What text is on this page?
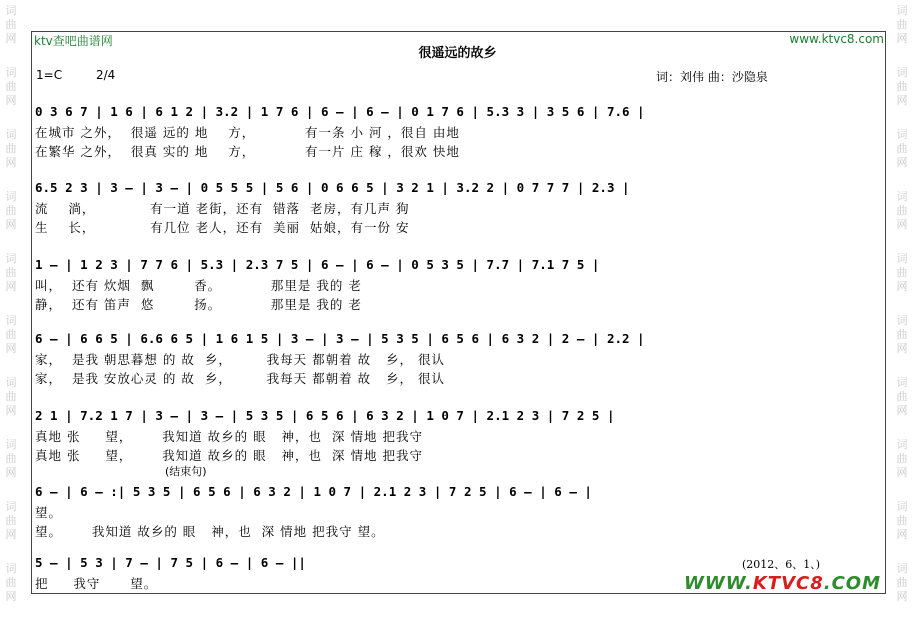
词
曲
网
词
曲
网
词
曲
网
词
曲
网
词
曲
网
词
曲
网
词
曲
网
词
曲
网
词
曲
网
词
曲
网
词
曲
网
词
曲
网
词
曲
网
词
曲
网
词
曲
网
词
曲
网
词
曲
网
词
曲
网
词
曲
网
词
曲
网
ktv查吧曲谱网	www.ktvc8.com
很遥远的故乡
1=C	2/4	词：刘伟 曲：沙隐泉
0 3 6 7 | 1 6 | 6 1 2 | 3.2 | 1 7 6 | 6 — | 6 — | 0 1 7 6 | 5.3 3 | 3 5 6 | 7.6 |
在城市 之外，  很遥 远的 地    方，          有一条 小 河 ，很自 由地
在繁华 之外，  很真 实的 地    方，          有一片 庄 稼 ，很欢 快地
6.5 2 3 | 3 — | 3 — | 0 5 5 5 | 5 6 | 0 6 6 5 | 3 2 1 | 3.2 2 | 0 7 7 7 | 2.3 |
流    淌，           有一道 老街，还有  错落  老房，有几声 狗
生    长，           有几位 老人，还有  美丽  姑娘，有一份 安
1 — | 1 2 3 | 7 7 6 | 5.3 | 2.3 7 5 | 6 — | 6 — | 0 5 3 5 | 7.7 | 7.1 7 5 |
叫，  还有 炊烟  飘        香。          那里是 我的 老
静，  还有 笛声  悠        扬。          那里是 我的 老
6 — | 6 6 5 | 6.6 6 5 | 1 6 1 5 | 3 — | 3 — | 5 3 5 | 6 5 6 | 6 3 2 | 2 — | 2.2 |
家，  是我 朝思暮想 的 故  乡，       我每天 都朝着 故   乡， 很认
家，  是我 安放心灵 的 故  乡，       我每天 都朝着 故   乡， 很认
2 1 | 7.2 1 7 | 3 — | 3 — | 5 3 5 | 6 5 6 | 6 3 2 | 1 0 7 | 2.1 2 3 | 7 2 5 |
真地 张     望，      我知道 故乡的 眼   神，也  深 情地 把我守
真地 张     望，      我知道 故乡的 眼   神，也  深 情地 把我守
(结束句)
6 — | 6 — :| 5 3 5 | 6 5 6 | 6 3 2 | 1 0 7 | 2.1 2 3 | 7 2 5 | 6 — | 6 — |
望。
望。      我知道 故乡的 眼   神，也  深 情地 把我守 望。
5 — | 5 3 | 7 — | 7 5 | 6 — | 6 — ||
把     我守      望。
(2012、6、1、)
WWW.KTVC8.COM
